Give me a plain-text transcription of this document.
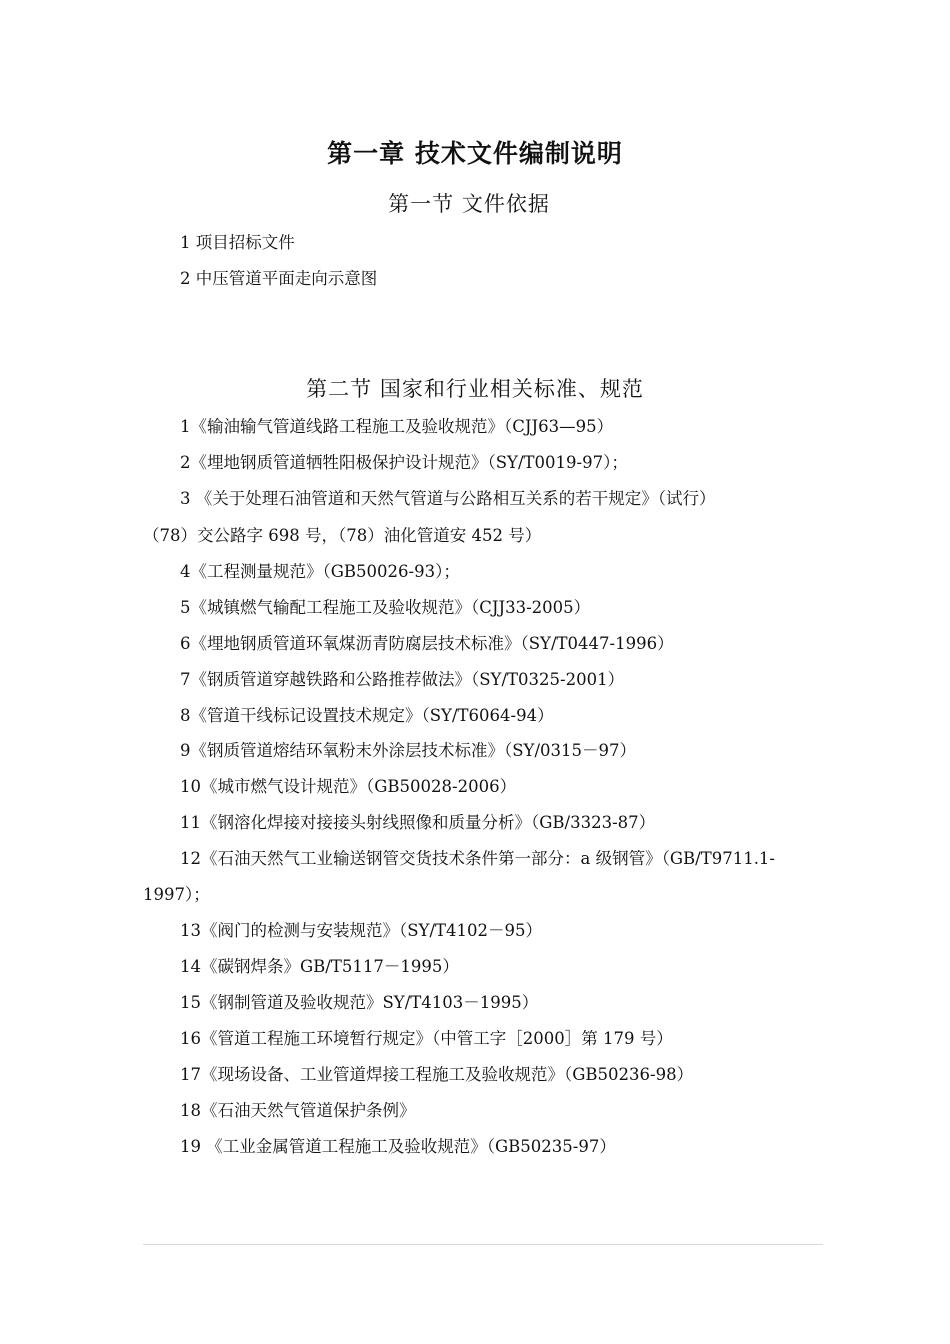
第一章 技术文件编制说明
第一节 文件依据
1 项目招标文件
2 中压管道平面走向示意图
第二节 国家和行业相关标准、规范
1《输油输气管道线路工程施工及验收规范》（CJJ63—95）
2《埋地钢质管道牺牲阳极保护设计规范》（SY/T0019-97）；
3 《关于处理石油管道和天然气管道与公路相互关系的若干规定》（试行）
（78）交公路字 698 号，（78）油化管道安 452 号）
4《工程测量规范》（GB50026-93）；
5《城镇燃气输配工程施工及验收规范》（CJJ33-2005）
6《埋地钢质管道环氧煤沥青防腐层技术标准》（SY/T0447-1996）
7《钢质管道穿越铁路和公路推荐做法》（SY/T0325-2001）
8《管道干线标记设置技术规定》（SY/T6064-94）
9《钢质管道熔结环氧粉末外涂层技术标准》（SY/0315－97）
10《城市燃气设计规范》（GB50028-2006）
11《钢溶化焊接对接接头射线照像和质量分析》（GB/3323-87）
12《石油天然气工业输送钢管交货技术条件第一部分：a 级钢管》（GB/T9711.1-
1997）；
13《阀门的检测与安装规范》（SY/T4102－95）
14《碳钢焊条》GB/T5117－1995）
15《钢制管道及验收规范》SY/T4103－1995）
16《管道工程施工环境暂行规定》（中管工字［2000］第 179 号）
17《现场设备、工业管道焊接工程施工及验收规范》（GB50236-98）
18《石油天然气管道保护条例》
19 《工业金属管道工程施工及验收规范》（GB50235-97）
